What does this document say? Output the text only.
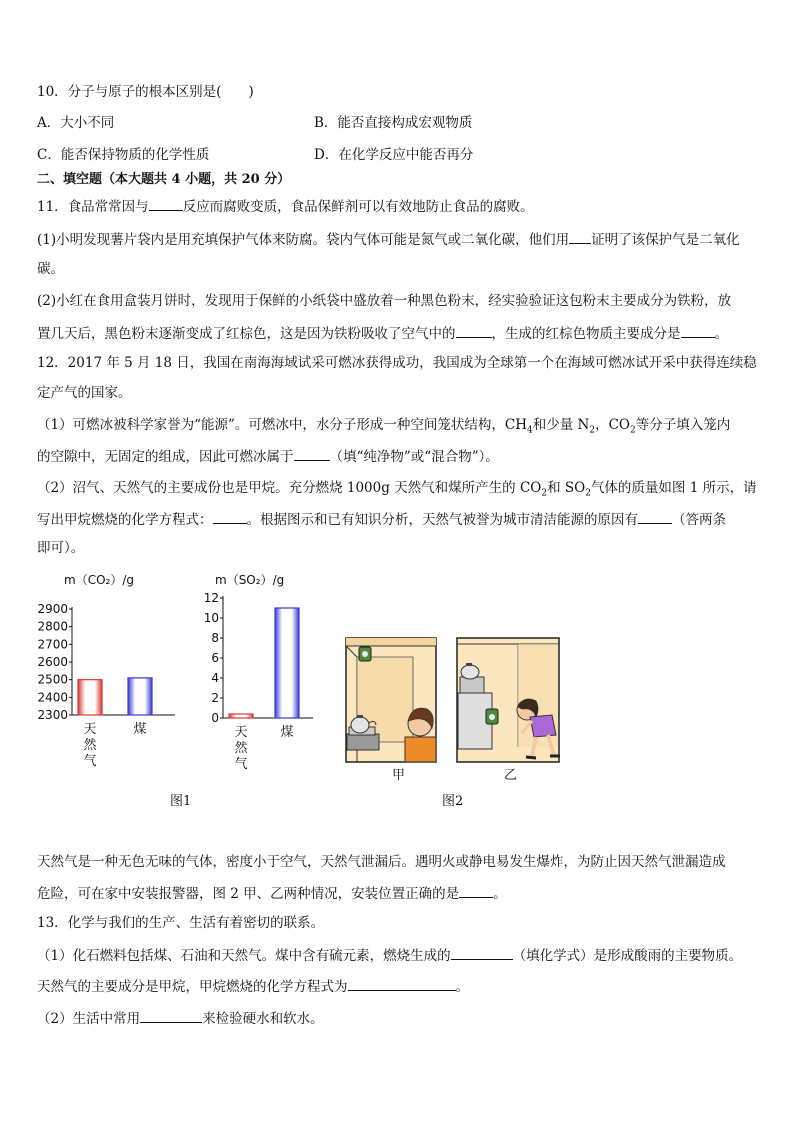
10．分子与原子的根本区别是(　　)
A．大小不同	B．能否直接构成宏观物质
C．能否保持物质的化学性质	D．在化学反应中能否再分
二、填空题（本大题共 4 小题，共 20 分）
11．食品常常因与	反应而腐败变质，食品保鲜剂可以有效地防止食品的腐败。
(1)小明发现薯片袋内是用充填保护气体来防腐。袋内气体可能是氮气或二氧化碳，他们用 证明了该保护气是二氧化
碳。
(2)小红在食用盒装月饼时，发现用于保鲜的小纸袋中盛放着一种黑色粉末，经实验验证这包粉末主要成分为铁粉，放
置几天后，黑色粉末逐渐变成了红棕色，这是因为铁粉吸收了空气中的	，生成的红棕色物质主要成分是	。
12．2017 年 5 月 18 日，我国在南海海域试采可燃冰获得成功，我国成为全球第一个在海域可燃冰试开采中获得连续稳
定产气的国家。
（1）可燃冰被科学家誉为“能源”。可燃冰中，水分子形成一种空间笼状结构，$CH_4$和少量 $N_2$，$CO_2$等分子填入笼内
的空隙中，无固定的组成，因此可燃冰属于	（填“纯净物”或“混合物”）。
（2）沼气、天然气的主要成份也是甲烷。充分燃烧 1000g 天然气和煤所产生的 $CO_2$和 $SO_2$气体的质量如图 1 所示，请
写出甲烷燃烧的化学方程式：	。根据图示和已有知识分析，天然气被誉为城市清洁能源的原因有	（答两条
即可）。
m（CO₂）/g
2300
2400
2500
2600
2700
2800
2900
天
然
气
煤
m（SO₂）/g
0
2
4
6
8
10
12
天
然
气
煤
图1
甲	乙
图2
天然气是一种无色无味的气体，密度小于空气，天然气泄漏后。遇明火或静电易发生爆炸，为防止因天然气泄漏造成
危险，可在家中安装报警器，图 2 甲、乙两种情况，安装位置正确的是	。
13．化学与我们的生产、生活有着密切的联系。
（1）化石燃料包括煤、石油和天然气。煤中含有硫元素，燃烧生成的	（填化学式）是形成酸雨的主要物质。
天然气的主要成分是甲烷，甲烷燃烧的化学方程式为	。
（2）生活中常用	来检验硬水和软水。
